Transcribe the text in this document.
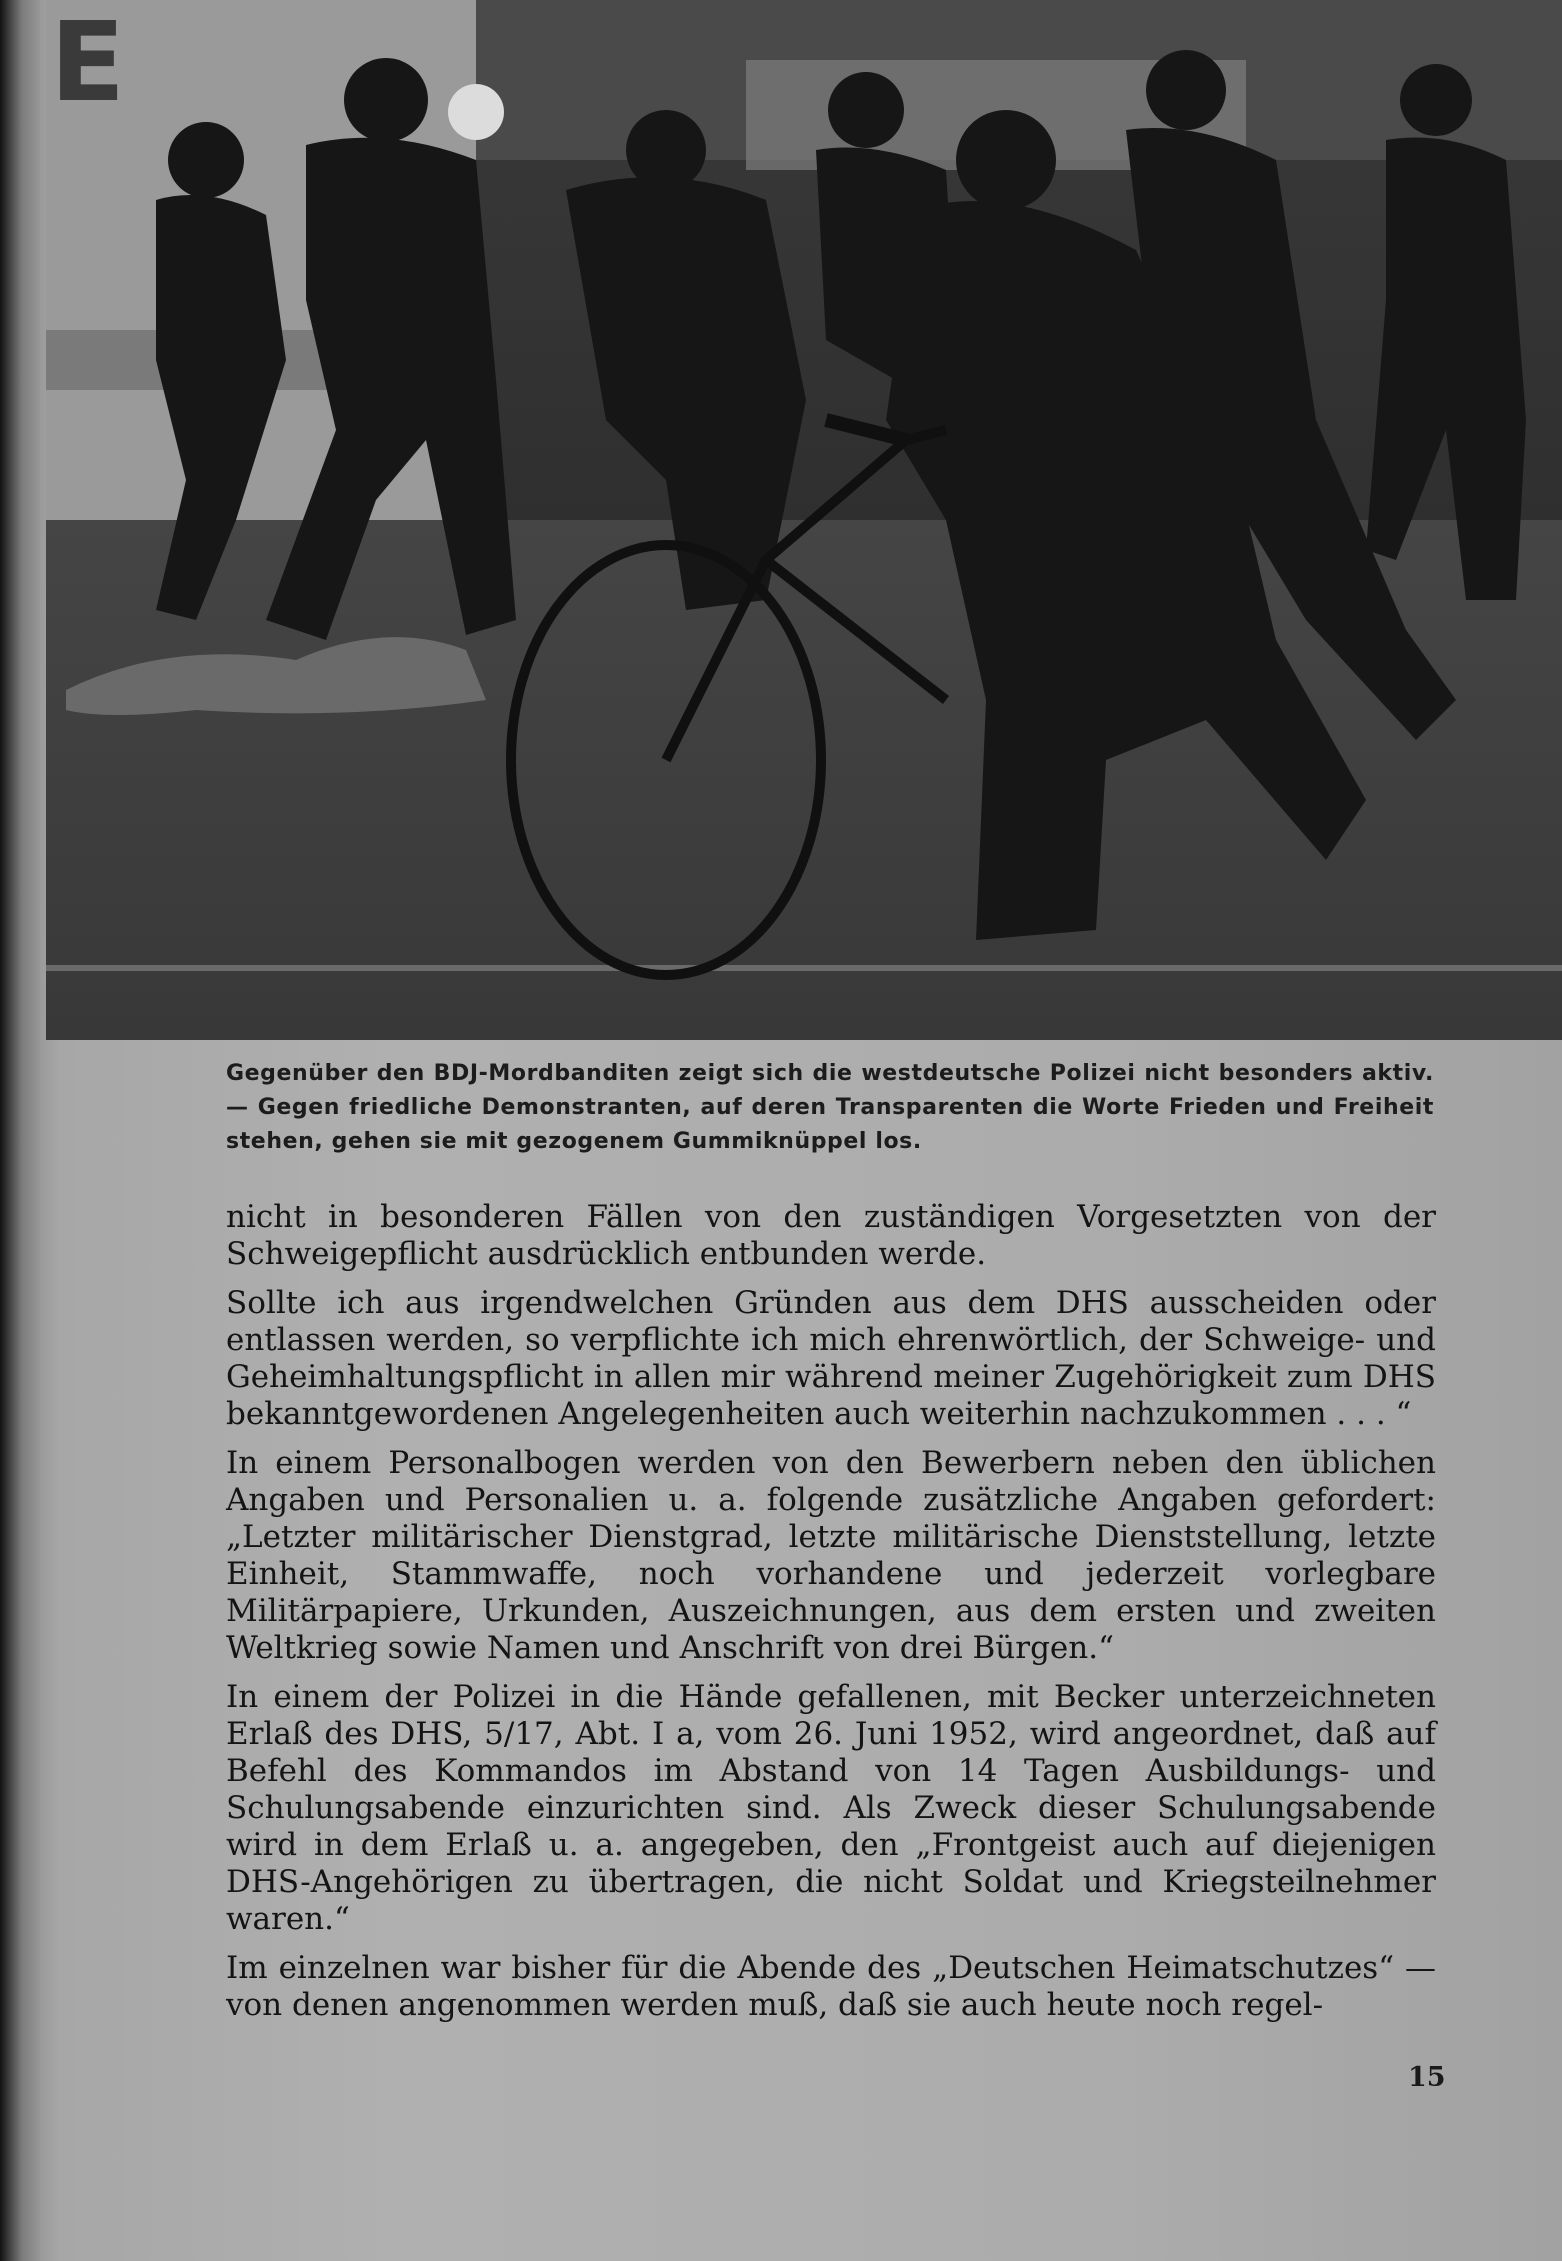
E
Gegenüber den BDJ-Mordbanditen zeigt sich die westdeutsche Polizei nicht besonders aktiv. — Gegen friedliche Demonstranten, auf deren Transparenten die Worte Frieden und Freiheit stehen, gehen sie mit gezogenem Gummiknüppel los.

nicht in besonderen Fällen von den zuständigen Vorgesetzten von der Schweigepflicht ausdrücklich entbunden werde.

Sollte ich aus irgendwelchen Gründen aus dem DHS ausscheiden oder entlassen werden, so verpflichte ich mich ehrenwörtlich, der Schweige- und Geheimhaltungspflicht in allen mir während meiner Zugehörigkeit zum DHS bekanntgewordenen Angelegenheiten auch weiterhin nachzukommen . . . “

In einem Personalbogen werden von den Bewerbern neben den üblichen Angaben und Personalien u. a. folgende zusätzliche Angaben gefordert: „Letzter militärischer Dienstgrad, letzte militärische Dienststellung, letzte Einheit, Stammwaffe, noch vorhandene und jederzeit vorlegbare Militärpapiere, Urkunden, Auszeichnungen, aus dem ersten und zweiten Weltkrieg sowie Namen und Anschrift von drei Bürgen.“

In einem der Polizei in die Hände gefallenen, mit Becker unterzeichneten Erlaß des DHS, 5/17, Abt. I a, vom 26. Juni 1952, wird angeordnet, daß auf Befehl des Kommandos im Abstand von 14 Tagen Ausbildungs- und Schulungsabende einzurichten sind. Als Zweck dieser Schulungsabende wird in dem Erlaß u. a. angegeben, den „Frontgeist auch auf diejenigen DHS-Angehörigen zu übertragen, die nicht Soldat und Kriegsteilnehmer waren.“

Im einzelnen war bisher für die Abende des „Deutschen Heimatschutzes“ — von denen angenommen werden muß, daß sie auch heute noch regel-

15
